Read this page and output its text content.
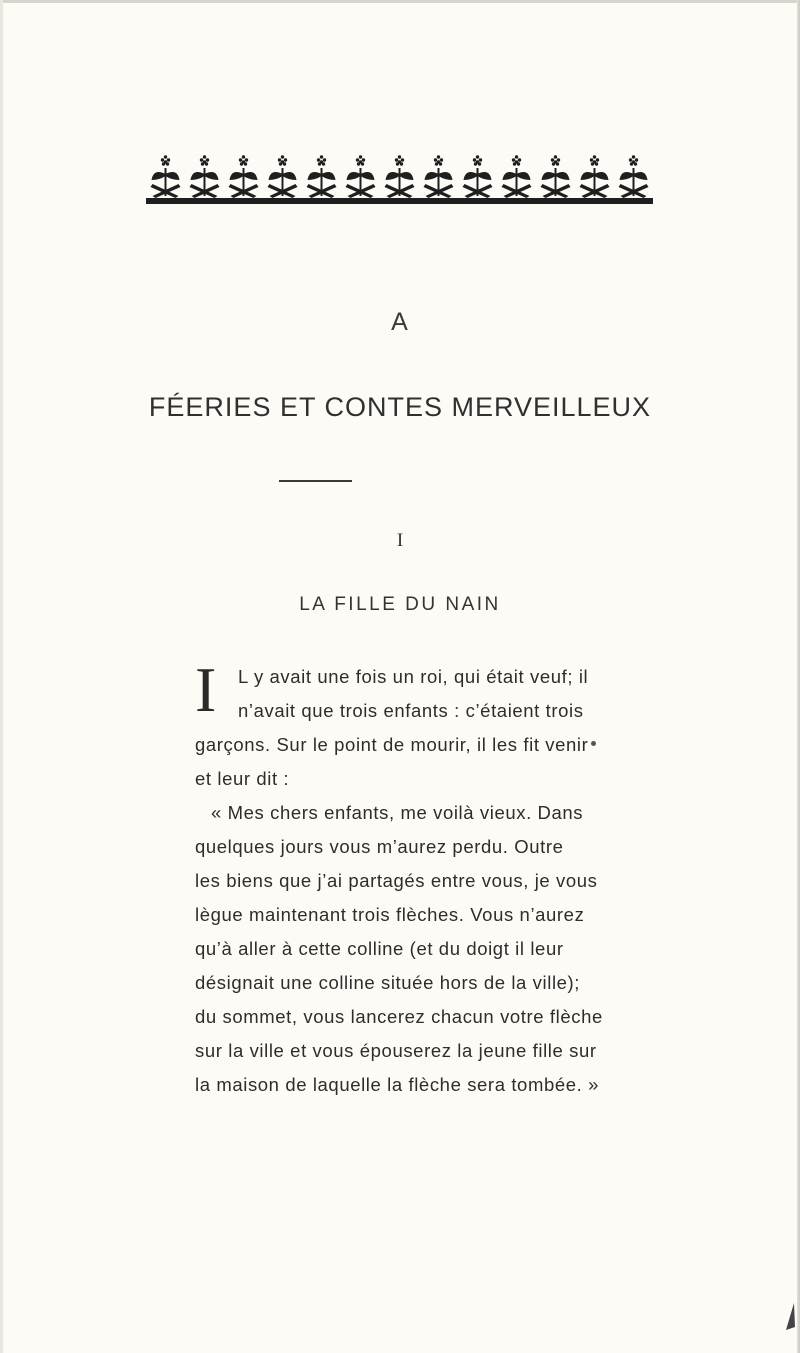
A
FÉERIES ET CONTES MERVEILLEUX
I
LA FILLE DU NAIN
I L y avait une fois un roi, qui était veuf; il
n’avait que trois enfants : c’étaient trois
garçons. Sur le point de mourir, il les fit venir
et leur dit :
« Mes chers enfants, me voilà vieux. Dans
quelques jours vous m’aurez perdu. Outre
les biens que j’ai partagés entre vous, je vous
lègue maintenant trois flèches. Vous n’aurez
qu’à aller à cette colline (et du doigt il leur
désignait une colline située hors de la ville);
du sommet, vous lancerez chacun votre flèche
sur la ville et vous épouserez la jeune fille sur
la maison de laquelle la flèche sera tombée. »
